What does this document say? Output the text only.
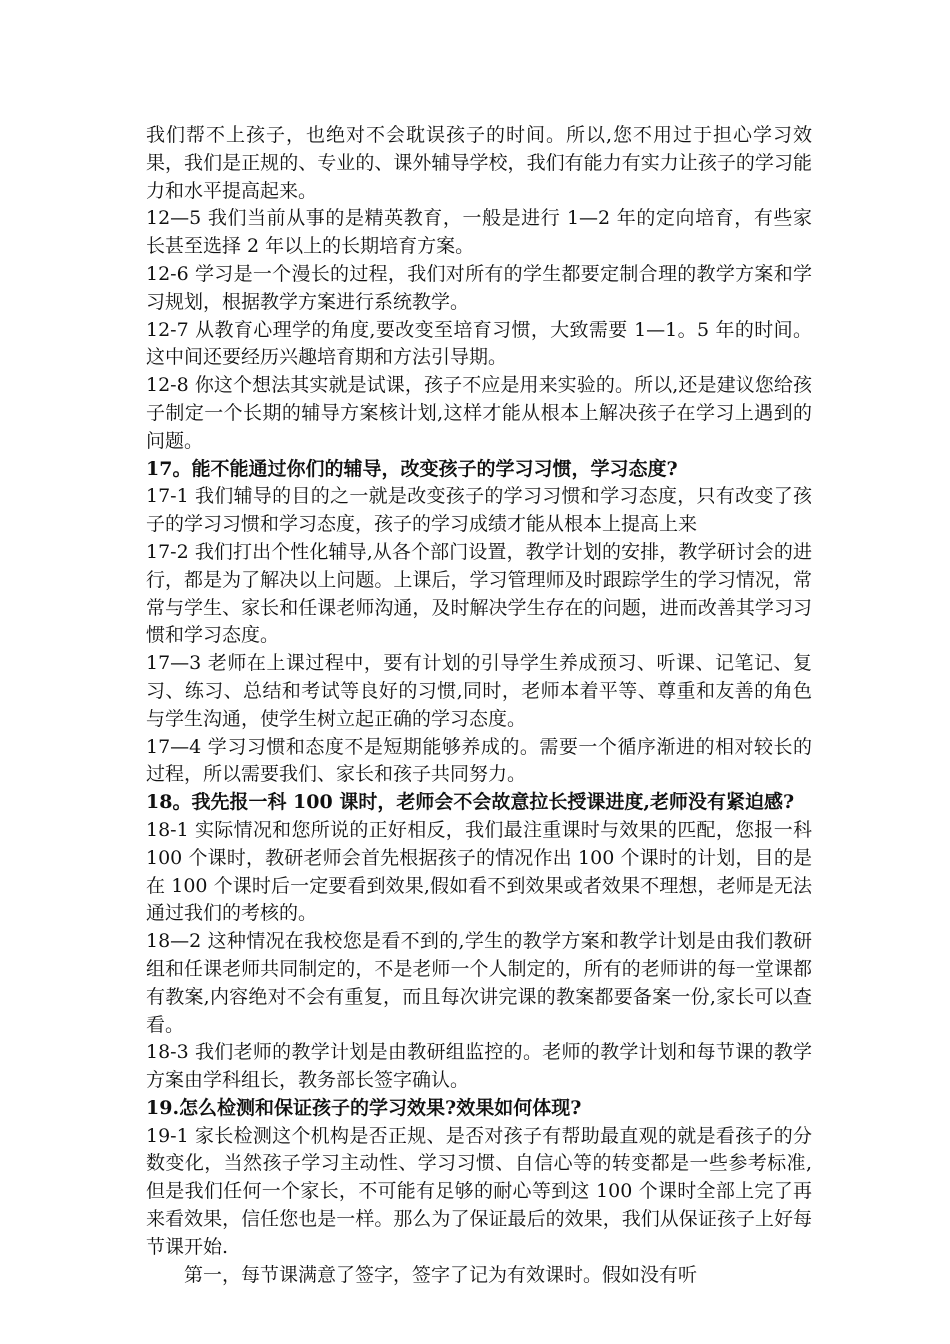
我们帮不上孩子，也绝对不会耽误孩子的时间。所以,您不用过于担心学习效果，我们是正规的、专业的、课外辅导学校，我们有能力有实力让孩子的学习能力和水平提高起来。

12—5 我们当前从事的是精英教育，一般是进行 1—2 年的定向培育，有些家长甚至选择 2 年以上的长期培育方案。

12-6 学习是一个漫长的过程，我们对所有的学生都要定制合理的教学方案和学习规划，根据教学方案进行系统教学。

12-7 从教育心理学的角度,要改变至培育习惯，大致需要 1—1。5 年的时间。这中间还要经历兴趣培育期和方法引导期。

12-8 你这个想法其实就是试课，孩子不应是用来实验的。所以,还是建议您给孩子制定一个长期的辅导方案核计划,这样才能从根本上解决孩子在学习上遇到的问题。

17。能不能通过你们的辅导，改变孩子的学习习惯，学习态度?

17-1 我们辅导的目的之一就是改变孩子的学习习惯和学习态度，只有改变了孩子的学习习惯和学习态度，孩子的学习成绩才能从根本上提高上来

17-2 我们打出个性化辅导,从各个部门设置，教学计划的安排，教学研讨会的进行，都是为了解决以上问题。上课后，学习管理师及时跟踪学生的学习情况，常常与学生、家长和任课老师沟通，及时解决学生存在的问题，进而改善其学习习惯和学习态度。

17—3 老师在上课过程中，要有计划的引导学生养成预习、听课、记笔记、复习、练习、总结和考试等良好的习惯,同时，老师本着平等、尊重和友善的角色与学生沟通，使学生树立起正确的学习态度。

17—4 学习习惯和态度不是短期能够养成的。需要一个循序渐进的相对较长的过程，所以需要我们、家长和孩子共同努力。

18。我先报一科 100 课时，老师会不会故意拉长授课进度,老师没有紧迫感?

18-1 实际情况和您所说的正好相反，我们最注重课时与效果的匹配，您报一科 100 个课时，教研老师会首先根据孩子的情况作出 100 个课时的计划，目的是在 100 个课时后一定要看到效果,假如看不到效果或者效果不理想，老师是无法通过我们的考核的。

18—2 这种情况在我校您是看不到的,学生的教学方案和教学计划是由我们教研组和任课老师共同制定的，不是老师一个人制定的，所有的老师讲的每一堂课都有教案,内容绝对不会有重复，而且每次讲完课的教案都要备案一份,家长可以查看。

18-3 我们老师的教学计划是由教研组监控的。老师的教学计划和每节课的教学方案由学科组长，教务部长签字确认。

19.怎么检测和保证孩子的学习效果?效果如何体现?

19-1 家长检测这个机构是否正规、是否对孩子有帮助最直观的就是看孩子的分数变化，当然孩子学习主动性、学习习惯、自信心等的转变都是一些参考标准,但是我们任何一个家长，不可能有足够的耐心等到这 100 个课时全部上完了再来看效果，信任您也是一样。那么为了保证最后的效果，我们从保证孩子上好每节课开始.

第一，每节课满意了签字，签字了记为有效课时。假如没有听
